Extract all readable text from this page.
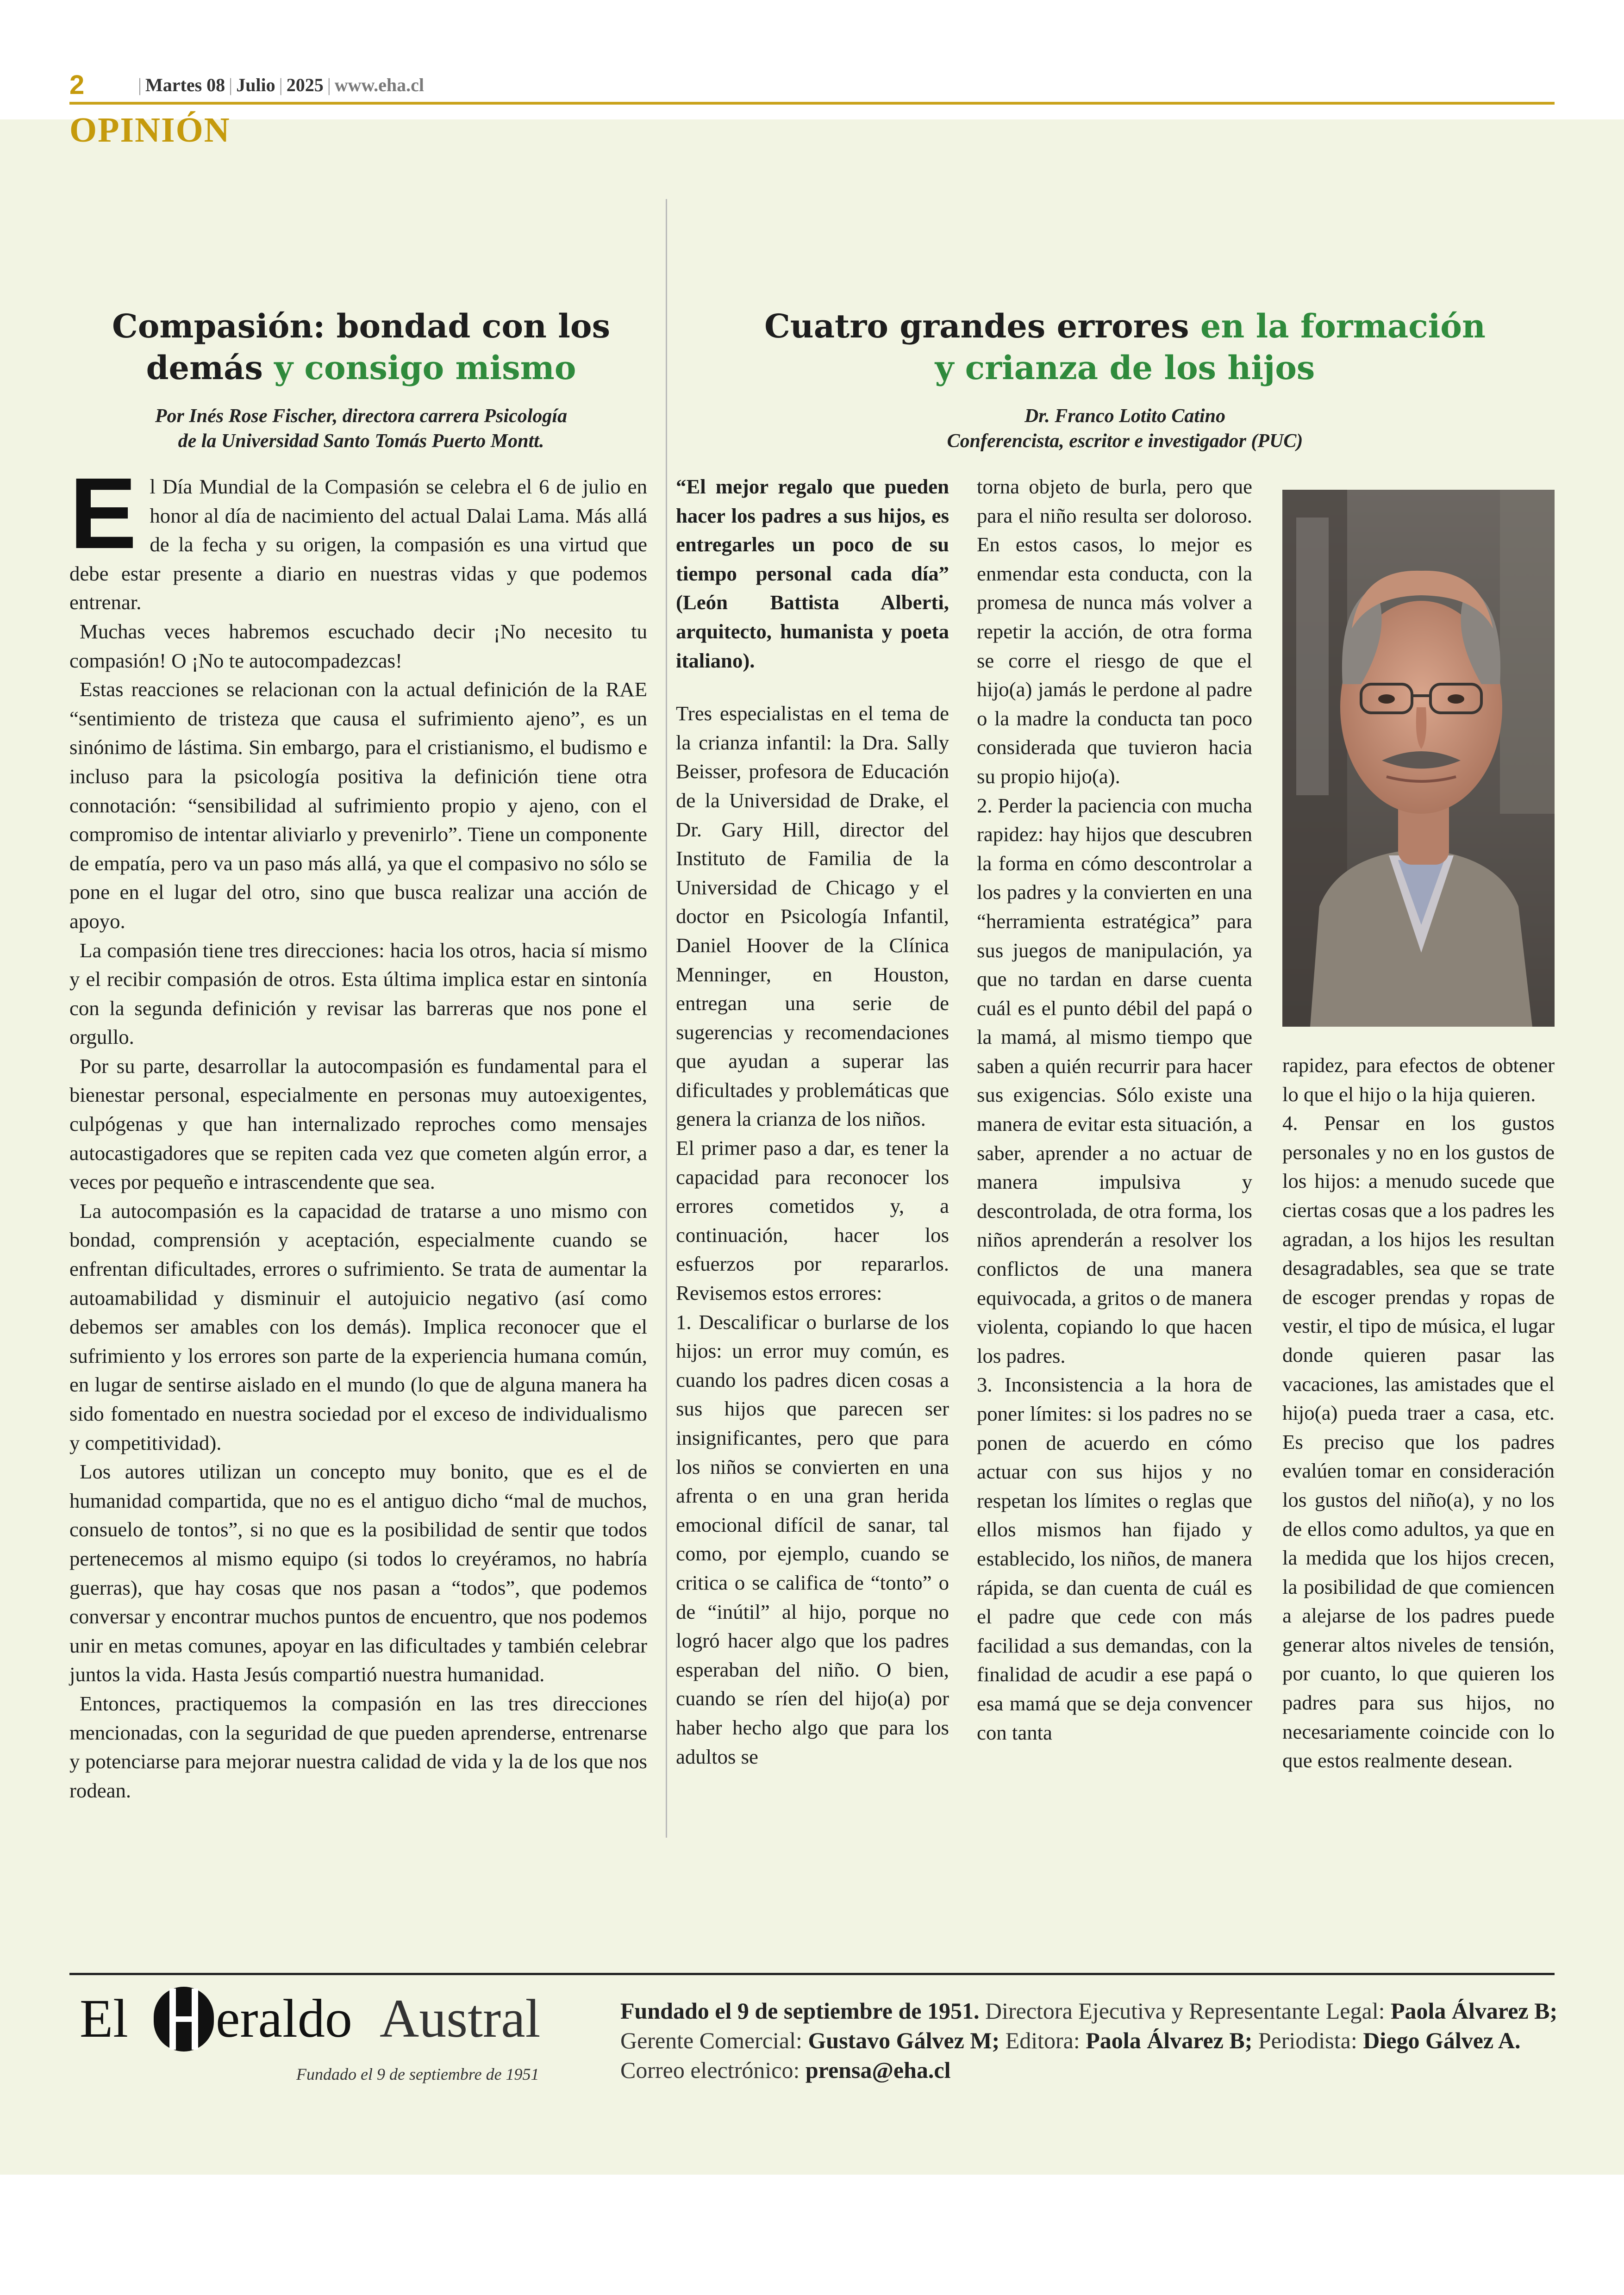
2	| Martes 08 | Julio | 2025 | www.eha.cl
OPINIÓN
Compasión: bondad con los demás y consigo mismo
Por Inés Rose Fischer, directora carrera Psicología
de la Universidad Santo Tomás Puerto Montt.
Cuatro grandes errores en la formación
y crianza de los hijos
Dr. Franco Lotito Catino
Conferencista, escritor e investigador (PUC)
E l Día Mundial de la Compasión se celebra el 6 de julio en honor al día de nacimiento del actual Dalai Lama. Más allá de la fecha y su origen, la compasión es una virtud que debe estar presente a diario en nuestras vidas y que podemos entrenar.

Muchas veces habremos escuchado decir ¡No necesito tu compasión! O ¡No te autocompadezcas!

Estas reacciones se relacionan con la actual definición de la RAE “sentimiento de tristeza que causa el sufrimiento ajeno”, es un sinónimo de lástima. Sin embargo, para el cristianismo, el budismo e incluso para la psicología positiva la definición tiene otra connotación: “sensibilidad al sufrimiento propio y ajeno, con el compromiso de intentar aliviarlo y prevenirlo”. Tiene un componente de empatía, pero va un paso más allá, ya que el compasivo no sólo se pone en el lugar del otro, sino que busca realizar una acción de apoyo.

La compasión tiene tres direcciones: hacia los otros, hacia sí mismo y el recibir compasión de otros. Esta última implica estar en sintonía con la segunda definición y revisar las barreras que nos pone el orgullo.

Por su parte, desarrollar la autocompasión es fundamental para el bienestar personal, especialmente en personas muy autoexigentes, culpógenas y que han internalizado reproches como mensajes autocastigadores que se repiten cada vez que cometen algún error, a veces por pequeño e intrascendente que sea.

La autocompasión es la capacidad de tratarse a uno mismo con bondad, comprensión y aceptación, especialmente cuando se enfrentan dificultades, errores o sufrimiento. Se trata de aumentar la autoamabilidad y disminuir el autojuicio negativo (así como debemos ser amables con los demás). Implica reconocer que el sufrimiento y los errores son parte de la experiencia humana común, en lugar de sentirse aislado en el mundo (lo que de alguna manera ha sido fomentado en nuestra sociedad por el exceso de individualismo y competitividad).

Los autores utilizan un concepto muy bonito, que es el de humanidad compartida, que no es el antiguo dicho “mal de muchos, consuelo de tontos”, si no que es la posibilidad de sentir que todos pertenecemos al mismo equipo (si todos lo creyéramos, no habría guerras), que hay cosas que nos pasan a “todos”, que podemos conversar y encontrar muchos puntos de encuentro, que nos podemos unir en metas comunes, apoyar en las dificultades y también celebrar juntos la vida. Hasta Jesús compartió nuestra humanidad.

Entonces, practiquemos la compasión en las tres direcciones mencionadas, con la seguridad de que pueden aprenderse, entrenarse y potenciarse para mejorar nuestra calidad de vida y la de los que nos rodean.

“El mejor regalo que pueden hacer los padres a sus hijos, es entregarles un poco de su tiempo personal cada día” (León Battista Alberti, arquitecto, humanista y poeta italiano).

Tres especialistas en el tema de la crianza infantil: la Dra. Sally Beisser, profesora de Educación de la Universidad de Drake, el Dr. Gary Hill, director del Instituto de Familia de la Universidad de Chicago y el doctor en Psicología Infantil, Daniel Hoover de la Clínica Menninger, en Houston, entregan una serie de sugerencias y recomendaciones que ayudan a superar las dificultades y problemáticas que genera la crianza de los niños.

El primer paso a dar, es tener la capacidad para reconocer los errores cometidos y, a continuación, hacer los esfuerzos por repararlos. Revisemos estos errores:

1. Descalificar o burlarse de los hijos: un error muy común, es cuando los padres dicen cosas a sus hijos que parecen ser insignificantes, pero que para los niños se convierten en una afrenta o en una gran herida emocional difícil de sanar, tal como, por ejemplo, cuando se critica o se califica de “tonto” o de “inútil” al hijo, porque no logró hacer algo que los padres esperaban del niño. O bien, cuando se ríen del hijo(a) por haber hecho algo que para los adultos se

torna objeto de burla, pero que para el niño resulta ser doloroso. En estos casos, lo mejor es enmendar esta conducta, con la promesa de nunca más volver a repetir la acción, de otra forma se corre el riesgo de que el hijo(a) jamás le perdone al padre o la madre la conducta tan poco considerada que tuvieron hacia su propio hijo(a).

2. Perder la paciencia con mucha rapidez: hay hijos que descubren la forma en cómo descontrolar a los padres y la convierten en una “herramienta estratégica” para sus juegos de manipulación, ya que no tardan en darse cuenta cuál es el punto débil del papá o la mamá, al mismo tiempo que saben a quién recurrir para hacer sus exigencias. Sólo existe una manera de evitar esta situación, a saber, aprender a no actuar de manera impulsiva y descontrolada, de otra forma, los niños aprenderán a resolver los conflictos de una manera equivocada, a gritos o de manera violenta, copiando lo que hacen los padres.

3. Inconsistencia a la hora de poner límites: si los padres no se ponen de acuerdo en cómo actuar con sus hijos y no respetan los límites o reglas que ellos mismos han fijado y establecido, los niños, de manera rápida, se dan cuenta de cuál es el padre que cede con más facilidad a sus demandas, con la finalidad de acudir a ese papá o esa mamá que se deja convencer con tanta

rapidez, para efectos de obtener lo que el hijo o la hija quieren.

4. Pensar en los gustos personales y no en los gustos de los hijos: a menudo sucede que ciertas cosas que a los padres les agradan, a los hijos les resultan desagradables, sea que se trate de escoger prendas y ropas de vestir, el tipo de música, el lugar donde quieren pasar las vacaciones, las amistades que el hijo(a) pueda traer a casa, etc. Es preciso que los padres evalúen tomar en consideración los gustos del niño(a), y no los de ellos como adultos, ya que en la medida que los hijos crecen, la posibilidad de que comiencen a alejarse de los padres puede generar altos niveles de tensión, por cuanto, lo que quieren los padres para sus hijos, no necesariamente coincide con lo que estos realmente desean.

El eraldo Austral
Fundado el 9 de septiembre de 1951
Fundado el 9 de septiembre de 1951. Directora Ejecutiva y Representante Legal: Paola Álvarez B; Gerente Comercial: Gustavo Gálvez M; Editora: Paola Álvarez B; Periodista: Diego Gálvez A. Correo electrónico: prensa@eha.cl
